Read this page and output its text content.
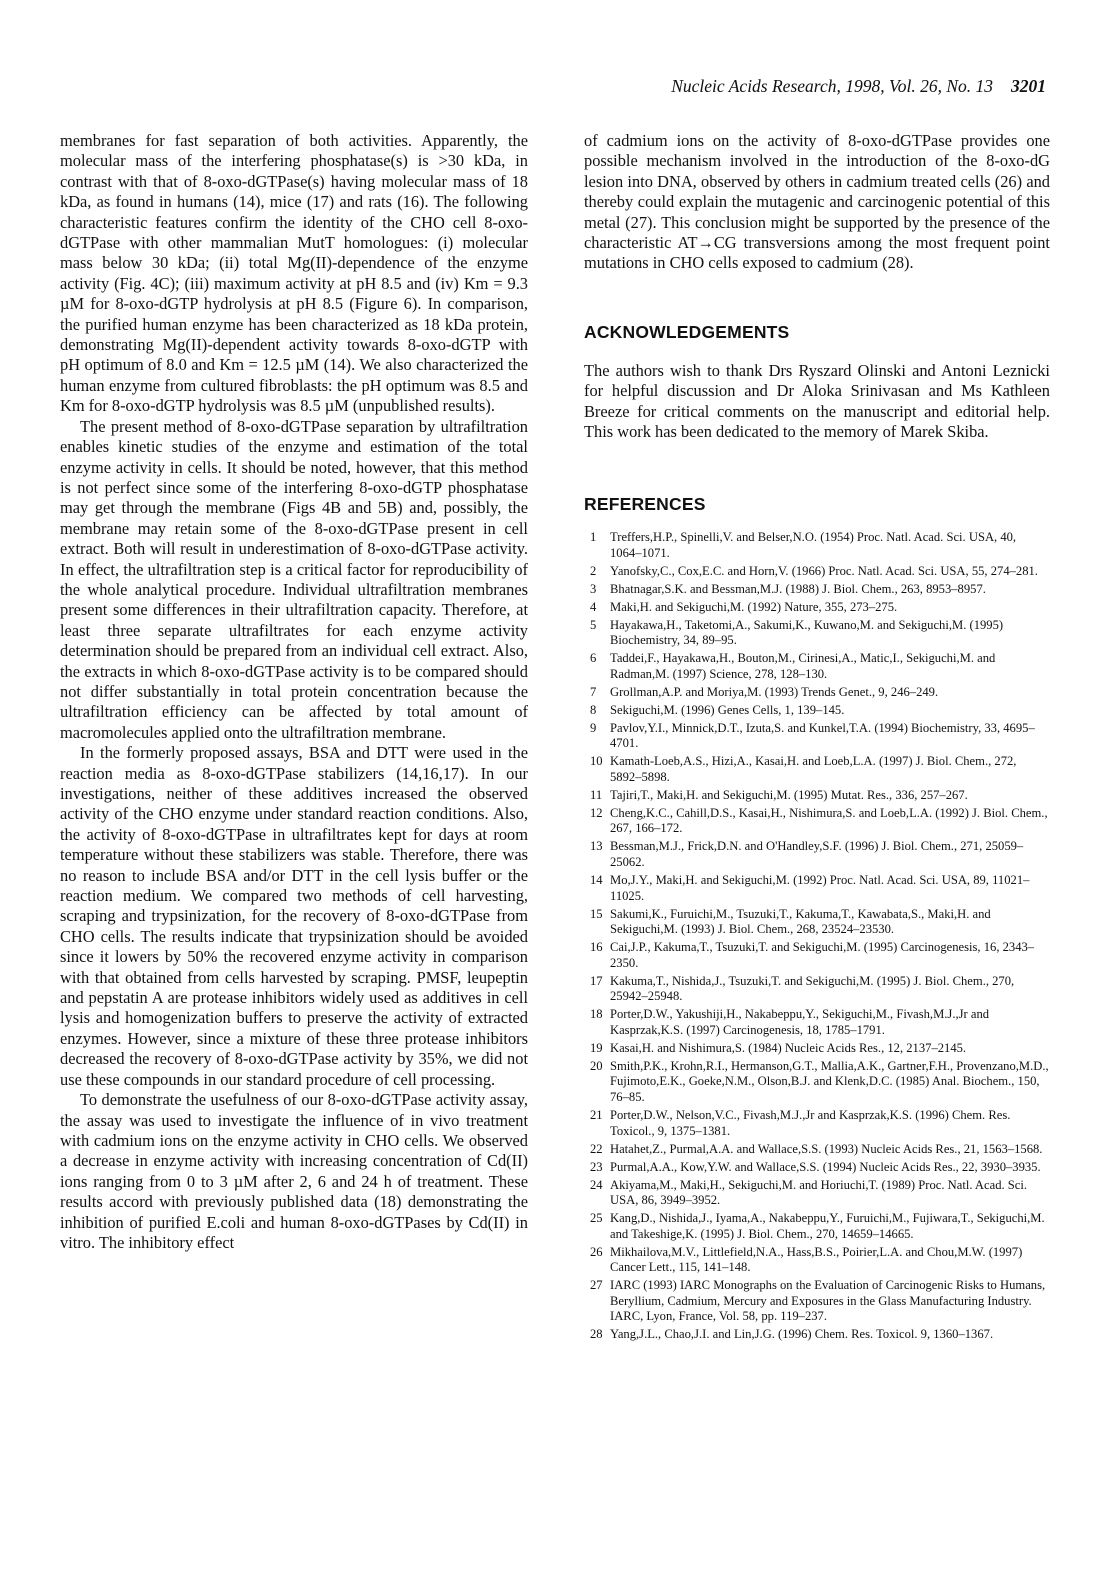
Nucleic Acids Research, 1998, Vol. 26, No. 13 3201

membranes for fast separation of both activities. Apparently, the molecular mass of the interfering phosphatase(s) is >30 kDa, in contrast with that of 8-oxo-dGTPase(s) having molecular mass of 18 kDa, as found in humans (14), mice (17) and rats (16). The following characteristic features confirm the identity of the CHO cell 8-oxo-dGTPase with other mammalian MutT homologues: (i) molecular mass below 30 kDa; (ii) total Mg(II)-dependence of the enzyme activity (Fig. 4C); (iii) maximum activity at pH 8.5 and (iv) Km = 9.3 µM for 8-oxo-dGTP hydrolysis at pH 8.5 (Figure 6). In comparison, the purified human enzyme has been characterized as 18 kDa protein, demonstrating Mg(II)-dependent activity towards 8-oxo-dGTP with pH optimum of 8.0 and Km = 12.5 µM (14). We also characterized the human enzyme from cultured fibroblasts: the pH optimum was 8.5 and Km for 8-oxo-dGTP hydrolysis was 8.5 µM (unpublished results).

The present method of 8-oxo-dGTPase separation by ultrafiltration enables kinetic studies of the enzyme and estimation of the total enzyme activity in cells. It should be noted, however, that this method is not perfect since some of the interfering 8-oxo-dGTP phosphatase may get through the membrane (Figs 4B and 5B) and, possibly, the membrane may retain some of the 8-oxo-dGTPase present in cell extract. Both will result in underestimation of 8-oxo-dGTPase activity. In effect, the ultrafiltration step is a critical factor for reproducibility of the whole analytical procedure. Individual ultrafiltration membranes present some differences in their ultrafiltration capacity. Therefore, at least three separate ultrafiltrates for each enzyme activity determination should be prepared from an individual cell extract. Also, the extracts in which 8-oxo-dGTPase activity is to be compared should not differ substantially in total protein concentration because the ultrafiltration efficiency can be affected by total amount of macromolecules applied onto the ultrafiltration membrane.

In the formerly proposed assays, BSA and DTT were used in the reaction media as 8-oxo-dGTPase stabilizers (14,16,17). In our investigations, neither of these additives increased the observed activity of the CHO enzyme under standard reaction conditions. Also, the activity of 8-oxo-dGTPase in ultrafiltrates kept for days at room temperature without these stabilizers was stable. Therefore, there was no reason to include BSA and/or DTT in the cell lysis buffer or the reaction medium. We compared two methods of cell harvesting, scraping and trypsinization, for the recovery of 8-oxo-dGTPase from CHO cells. The results indicate that trypsinization should be avoided since it lowers by 50% the recovered enzyme activity in comparison with that obtained from cells harvested by scraping. PMSF, leupeptin and pepstatin A are protease inhibitors widely used as additives in cell lysis and homogenization buffers to preserve the activity of extracted enzymes. However, since a mixture of these three protease inhibitors decreased the recovery of 8-oxo-dGTPase activity by 35%, we did not use these compounds in our standard procedure of cell processing.

To demonstrate the usefulness of our 8-oxo-dGTPase activity assay, the assay was used to investigate the influence of in vivo treatment with cadmium ions on the enzyme activity in CHO cells. We observed a decrease in enzyme activity with increasing concentration of Cd(II) ions ranging from 0 to 3 µM after 2, 6 and 24 h of treatment. These results accord with previously published data (18) demonstrating the inhibition of purified E.coli and human 8-oxo-dGTPases by Cd(II) in vitro. The inhibitory effect

of cadmium ions on the activity of 8-oxo-dGTPase provides one possible mechanism involved in the introduction of the 8-oxo-dG lesion into DNA, observed by others in cadmium treated cells (26) and thereby could explain the mutagenic and carcinogenic potential of this metal (27). This conclusion might be supported by the presence of the characteristic AT→CG transversions among the most frequent point mutations in CHO cells exposed to cadmium (28).

ACKNOWLEDGEMENTS

The authors wish to thank Drs Ryszard Olinski and Antoni Leznicki for helpful discussion and Dr Aloka Srinivasan and Ms Kathleen Breeze for critical comments on the manuscript and editorial help. This work has been dedicated to the memory of Marek Skiba.

REFERENCES
1	Treffers,H.P., Spinelli,V. and Belser,N.O. (1954) Proc. Natl. Acad. Sci. USA, 40, 1064–1071.
2	Yanofsky,C., Cox,E.C. and Horn,V. (1966) Proc. Natl. Acad. Sci. USA, 55, 274–281.
3	Bhatnagar,S.K. and Bessman,M.J. (1988) J. Biol. Chem., 263, 8953–8957.
4	Maki,H. and Sekiguchi,M. (1992) Nature, 355, 273–275.
5	Hayakawa,H., Taketomi,A., Sakumi,K., Kuwano,M. and Sekiguchi,M. (1995) Biochemistry, 34, 89–95.
6	Taddei,F., Hayakawa,H., Bouton,M., Cirinesi,A., Matic,I., Sekiguchi,M. and Radman,M. (1997) Science, 278, 128–130.
7	Grollman,A.P. and Moriya,M. (1993) Trends Genet., 9, 246–249.
8	Sekiguchi,M. (1996) Genes Cells, 1, 139–145.
9	Pavlov,Y.I., Minnick,D.T., Izuta,S. and Kunkel,T.A. (1994) Biochemistry, 33, 4695–4701.
10 Kamath-Loeb,A.S., Hizi,A., Kasai,H. and Loeb,L.A. (1997) J. Biol. Chem., 272, 5892–5898.
11 Tajiri,T., Maki,H. and Sekiguchi,M. (1995) Mutat. Res., 336, 257–267.
12 Cheng,K.C., Cahill,D.S., Kasai,H., Nishimura,S. and Loeb,L.A. (1992) J. Biol. Chem., 267, 166–172.
13 Bessman,M.J., Frick,D.N. and O'Handley,S.F. (1996) J. Biol. Chem., 271, 25059–25062.
14 Mo,J.Y., Maki,H. and Sekiguchi,M. (1992) Proc. Natl. Acad. Sci. USA, 89, 11021–11025.
15 Sakumi,K., Furuichi,M., Tsuzuki,T., Kakuma,T., Kawabata,S., Maki,H. and Sekiguchi,M. (1993) J. Biol. Chem., 268, 23524–23530.
16 Cai,J.P., Kakuma,T., Tsuzuki,T. and Sekiguchi,M. (1995) Carcinogenesis, 16, 2343–2350.
17 Kakuma,T., Nishida,J., Tsuzuki,T. and Sekiguchi,M. (1995) J. Biol. Chem., 270, 25942–25948.
18 Porter,D.W., Yakushiji,H., Nakabeppu,Y., Sekiguchi,M., Fivash,M.J.,Jr and Kasprzak,K.S. (1997) Carcinogenesis, 18, 1785–1791.
19 Kasai,H. and Nishimura,S. (1984) Nucleic Acids Res., 12, 2137–2145.
20 Smith,P.K., Krohn,R.I., Hermanson,G.T., Mallia,A.K., Gartner,F.H., Provenzano,M.D., Fujimoto,E.K., Goeke,N.M., Olson,B.J. and Klenk,D.C. (1985) Anal. Biochem., 150, 76–85.
21 Porter,D.W., Nelson,V.C., Fivash,M.J.,Jr and Kasprzak,K.S. (1996) Chem. Res. Toxicol., 9, 1375–1381.
22 Hatahet,Z., Purmal,A.A. and Wallace,S.S. (1993) Nucleic Acids Res., 21, 1563–1568.
23 Purmal,A.A., Kow,Y.W. and Wallace,S.S. (1994) Nucleic Acids Res., 22, 3930–3935.
24 Akiyama,M., Maki,H., Sekiguchi,M. and Horiuchi,T. (1989) Proc. Natl. Acad. Sci. USA, 86, 3949–3952.
25 Kang,D., Nishida,J., Iyama,A., Nakabeppu,Y., Furuichi,M., Fujiwara,T., Sekiguchi,M. and Takeshige,K. (1995) J. Biol. Chem., 270, 14659–14665.
26 Mikhailova,M.V., Littlefield,N.A., Hass,B.S., Poirier,L.A. and Chou,M.W. (1997) Cancer Lett., 115, 141–148.
27 IARC (1993) IARC Monographs on the Evaluation of Carcinogenic Risks to Humans, Beryllium, Cadmium, Mercury and Exposures in the Glass Manufacturing Industry. IARC, Lyon, France, Vol. 58, pp. 119–237.
28 Yang,J.L., Chao,J.I. and Lin,J.G. (1996) Chem. Res. Toxicol. 9, 1360–1367.
